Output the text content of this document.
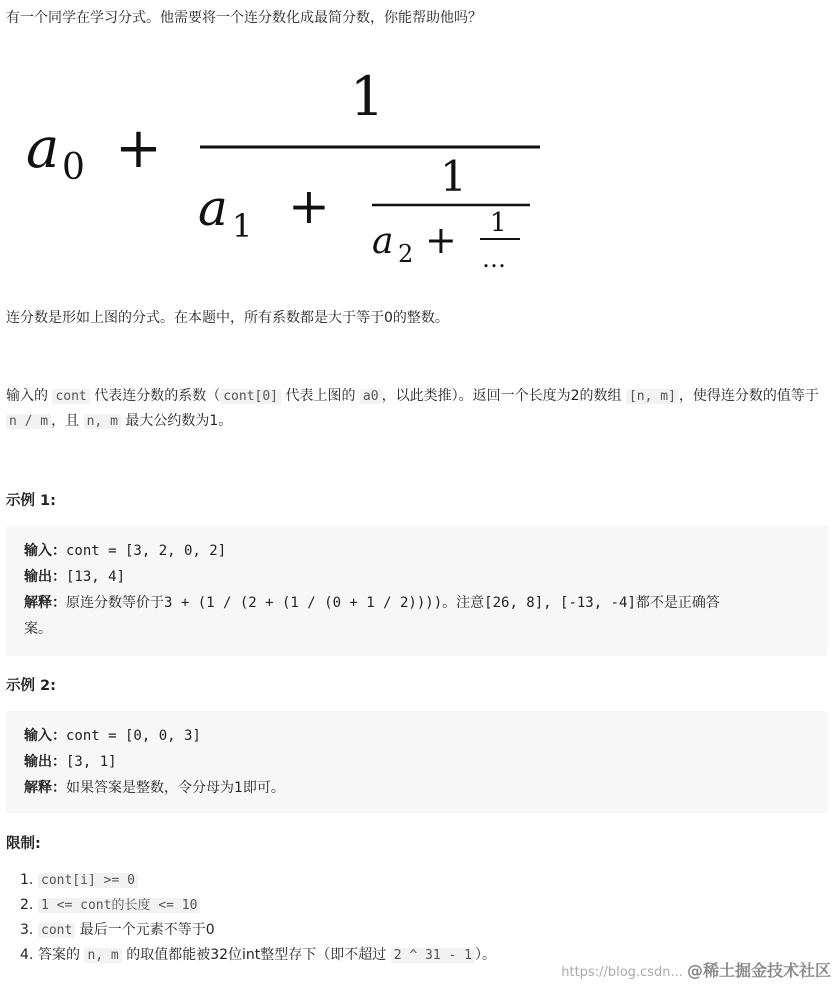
有一个同学在学习分式。他需要将一个连分数化成最简分数，你能帮助他吗？

a 0 +
1
a 1 +
1
a 2 + 1
…

连分数是形如上图的分式。在本题中，所有系数都是大于等于0的整数。

输入的 cont 代表连分数的系数（ cont[0] 代表上图的 a0 ，以此类推）。返回一个长度为2的数组 [n, m] ，使得连分数的值等于 n / m ，且 n, m 最大公约数为1。

示例 1:

输入：cont = [3, 2, 0, 2]
输出：[13, 4]
解释：原连分数等价于3 + (1 / (2 + (1 / (0 + 1 / 2))))。注意[26, 8], [-13, -4]都不是正确答
案。

示例 2:

输入：cont = [0, 0, 3]
输出：[3, 1]
解释：如果答案是整数，令分母为1即可。

限制:

1. cont[i] >= 0
2. 1 <= cont的长度 <= 10
3. cont 最后一个元素不等于0
4. 答案的 n, m 的取值都能被32位int整型存下（即不超过 2 ^ 31 - 1 ）。
https://blog.csdn... @稀土掘金技术社区
